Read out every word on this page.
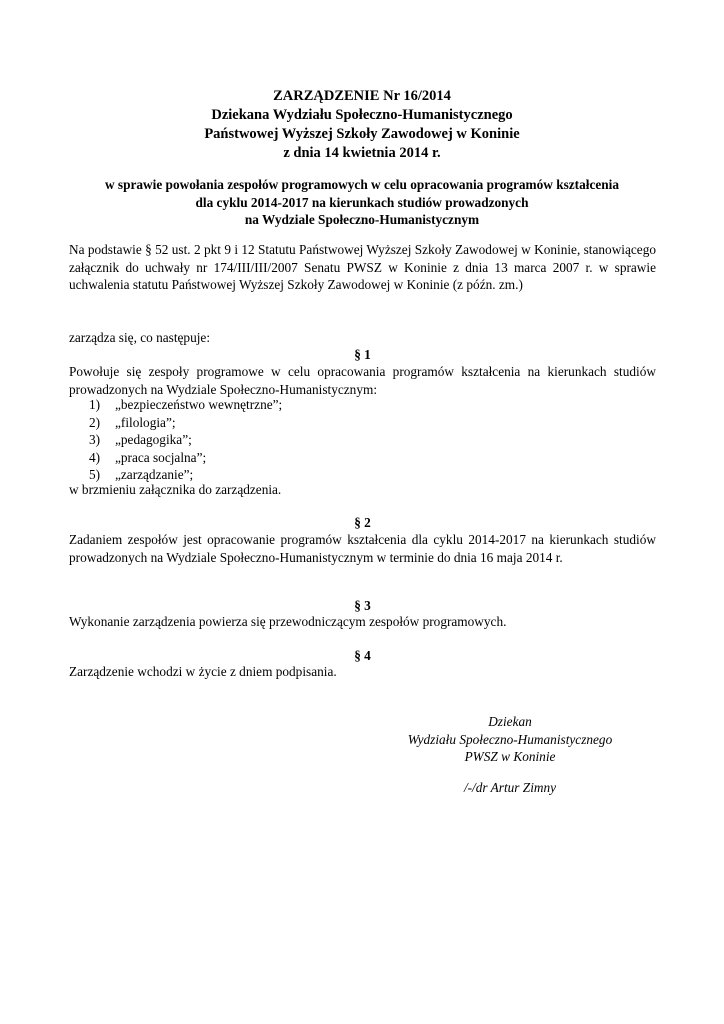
ZARZĄDZENIE Nr 16/2014
Dziekana Wydziału Społeczno-Humanistycznego
Państwowej Wyższej Szkoły Zawodowej w Koninie
z dnia 14 kwietnia 2014 r.
w sprawie powołania zespołów programowych w celu opracowania programów kształcenia
dla cyklu 2014-2017 na kierunkach studiów prowadzonych
na Wydziale Społeczno-Humanistycznym
Na podstawie § 52 ust. 2 pkt 9 i 12 Statutu Państwowej Wyższej Szkoły Zawodowej w Koninie, stanowiącego załącznik do uchwały nr 174/III/III/2007 Senatu PWSZ w Koninie z dnia 13 marca 2007 r. w sprawie uchwalenia statutu Państwowej Wyższej Szkoły Zawodowej w Koninie (z późn. zm.)
zarządza się, co następuje:
§ 1
Powołuje się zespoły programowe w celu opracowania programów kształcenia na kierunkach studiów prowadzonych na Wydziale Społeczno-Humanistycznym:
1) „bezpieczeństwo wewnętrzne”;
2) „filologia”;
3) „pedagogika”;
4) „praca socjalna”;
5) „zarządzanie”;
w brzmieniu załącznika do zarządzenia.
§ 2
Zadaniem zespołów jest opracowanie programów kształcenia dla cyklu 2014-2017 na kierunkach studiów prowadzonych na Wydziale Społeczno-Humanistycznym w terminie do dnia 16 maja 2014 r.
§ 3
Wykonanie zarządzenia powierza się przewodniczącym zespołów programowych.
§ 4
Zarządzenie wchodzi w życie z dniem podpisania.
Dziekan
Wydziału Społeczno-Humanistycznego
PWSZ w Koninie
/-/dr Artur Zimny
